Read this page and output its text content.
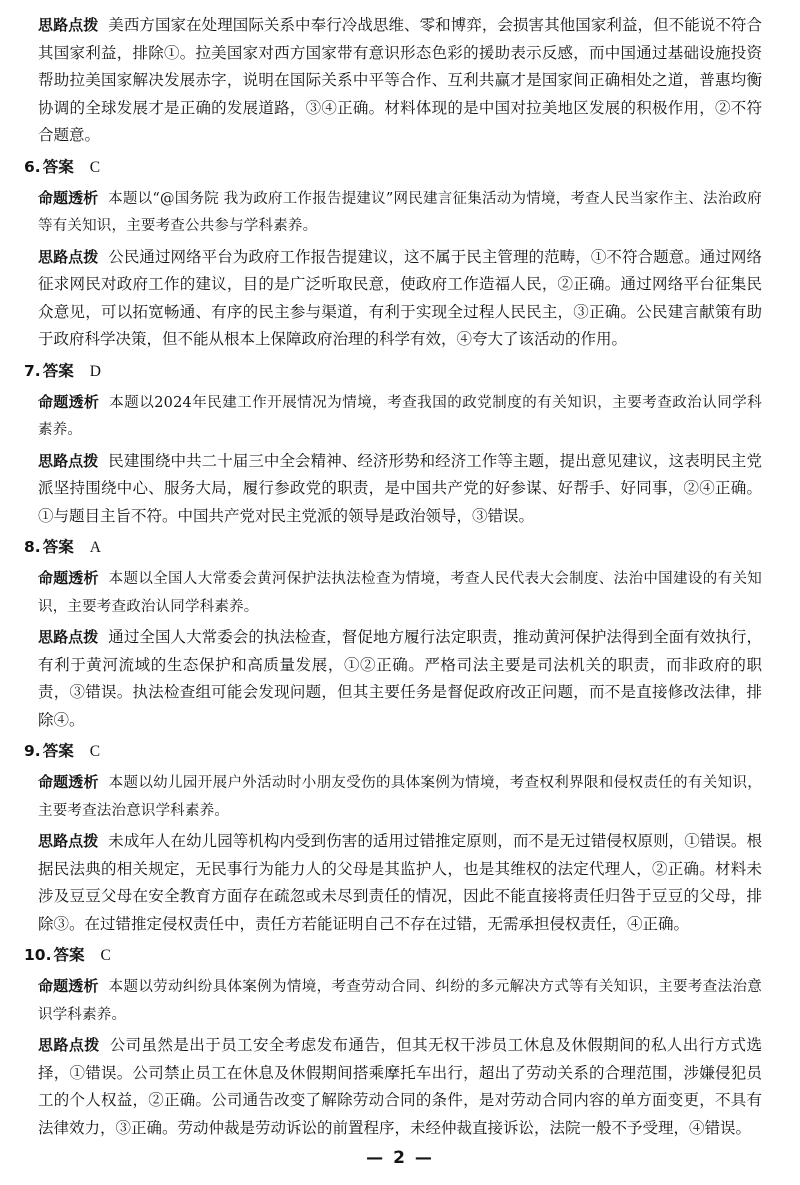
思路点拨 美西方国家在处理国际关系中奉行冷战思维、零和博弈，会损害其他国家利益，但不能说不符合其国家利益，排除①。拉美国家对西方国家带有意识形态色彩的援助表示反感，而中国通过基础设施投资帮助拉美国家解决发展赤字，说明在国际关系中平等合作、互利共赢才是国家间正确相处之道，普惠均衡协调的全球发展才是正确的发展道路，③④正确。材料体现的是中国对拉美地区发展的积极作用，②不符合题意。

6. 答案 C

命题透析 本题以“@国务院 我为政府工作报告提建议”网民建言征集活动为情境，考查人民当家作主、法治政府等有关知识，主要考查公共参与学科素养。

思路点拨 公民通过网络平台为政府工作报告提建议，这不属于民主管理的范畴，①不符合题意。通过网络征求网民对政府工作的建议，目的是广泛听取民意，使政府工作造福人民，②正确。通过网络平台征集民众意见，可以拓宽畅通、有序的民主参与渠道，有利于实现全过程人民民主，③正确。公民建言献策有助于政府科学决策，但不能从根本上保障政府治理的科学有效，④夸大了该活动的作用。

7. 答案 D

命题透析 本题以2024年民建工作开展情况为情境，考查我国的政党制度的有关知识，主要考查政治认同学科素养。

思路点拨 民建围绕中共二十届三中全会精神、经济形势和经济工作等主题，提出意见建议，这表明民主党派坚持围绕中心、服务大局，履行参政党的职责，是中国共产党的好参谋、好帮手、好同事，②④正确。①与题目主旨不符。中国共产党对民主党派的领导是政治领导，③错误。

8. 答案 A

命题透析 本题以全国人大常委会黄河保护法执法检查为情境，考查人民代表大会制度、法治中国建设的有关知识，主要考查政治认同学科素养。

思路点拨 通过全国人大常委会的执法检查，督促地方履行法定职责，推动黄河保护法得到全面有效执行，有利于黄河流域的生态保护和高质量发展，①②正确。严格司法主要是司法机关的职责，而非政府的职责，③错误。执法检查组可能会发现问题，但其主要任务是督促政府改正问题，而不是直接修改法律，排除④。

9. 答案 C

命题透析 本题以幼儿园开展户外活动时小朋友受伤的具体案例为情境，考查权利界限和侵权责任的有关知识，主要考查法治意识学科素养。

思路点拨 未成年人在幼儿园等机构内受到伤害的适用过错推定原则，而不是无过错侵权原则，①错误。根据民法典的相关规定，无民事行为能力人的父母是其监护人，也是其维权的法定代理人，②正确。材料未涉及豆豆父母在安全教育方面存在疏忽或未尽到责任的情况，因此不能直接将责任归咎于豆豆的父母，排除③。在过错推定侵权责任中，责任方若能证明自己不存在过错，无需承担侵权责任，④正确。

10. 答案 C

命题透析 本题以劳动纠纷具体案例为情境，考查劳动合同、纠纷的多元解决方式等有关知识，主要考查法治意识学科素养。

思路点拨 公司虽然是出于员工安全考虑发布通告，但其无权干涉员工休息及休假期间的私人出行方式选择，①错误。公司禁止员工在休息及休假期间搭乘摩托车出行，超出了劳动关系的合理范围，涉嫌侵犯员工的个人权益，②正确。公司通告改变了解除劳动合同的条件，是对劳动合同内容的单方面变更，不具有法律效力，③正确。劳动仲裁是劳动诉讼的前置程序，未经仲裁直接诉讼，法院一般不予受理，④错误。

— 2 —
